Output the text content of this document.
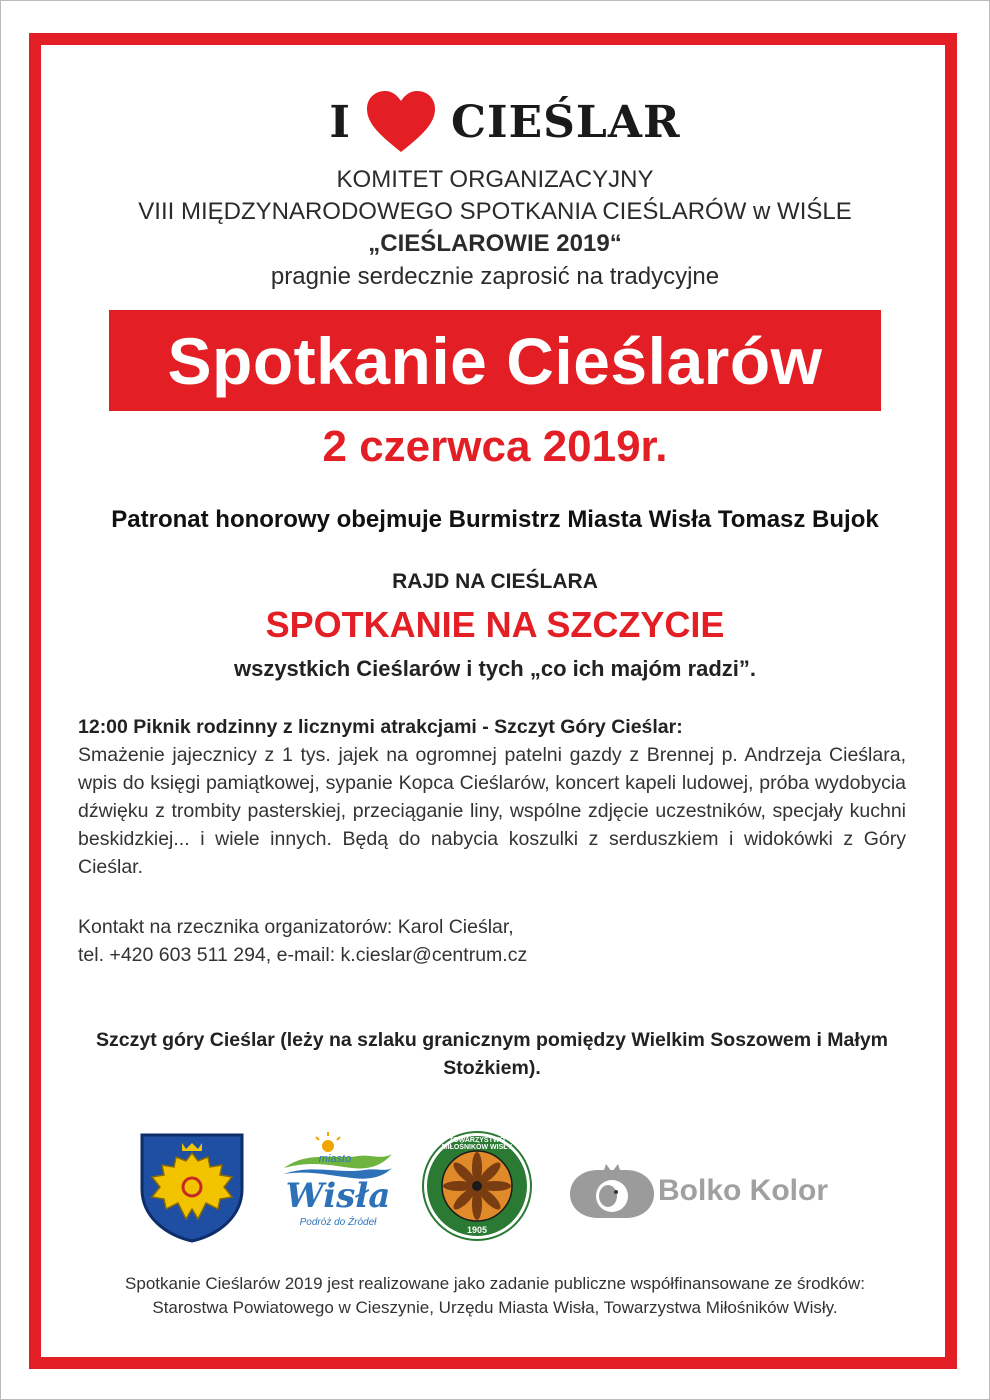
I CIEŚLAR
KOMITET ORGANIZACYJNY
VIII MIĘDZYNARODOWEGO SPOTKANIA CIEŚLARÓW w WIŚLE
„CIEŚLAROWIE 2019“
pragnie serdecznie zaprosić na tradycyjne
Spotkanie Cieślarów
2 czerwca 2019r.
Patronat honorowy obejmuje Burmistrz Miasta Wisła Tomasz Bujok
RAJD NA CIEŚLARA
SPOTKANIE NA SZCZYCIE
wszystkich Cieślarów i tych „co ich majóm radzi”.
12:00 Piknik rodzinny z licznymi atrakcjami - Szczyt Góry Cieślar:
Smażenie jajecznicy z 1 tys. jajek na ogromnej patelni gazdy z Brennej p. Andrzeja Cieślara, wpis do księgi pamiątkowej, sypanie Kopca Cieślarów, koncert kapeli ludowej, próba wydobycia dźwięku z trombity pasterskiej, przeciąganie liny, wspólne zdjęcie uczestników, specjały kuchni beskidzkiej... i wiele innych. Będą do nabycia koszulki z serduszkiem i widokówki z Góry Cieślar.
Kontakt na rzecznika organizatorów: Karol Cieślar,
tel. +420 603 511 294, e-mail: k.cieslar@centrum.cz
Szczyt góry Cieślar (leży na szlaku granicznym pomiędzy Wielkim Soszowem i Małym Stożkiem).
miasto
Wisła
Podróż do Źródeł
TOWARZYSTWO MIŁOŚNIKÓW WISŁY
1905
Bolko Kolor
Spotkanie Cieślarów 2019 jest realizowane jako zadanie publiczne współfinansowane ze środków:
Starostwa Powiatowego w Cieszynie, Urzędu Miasta Wisła, Towarzystwa Miłośników Wisły.
